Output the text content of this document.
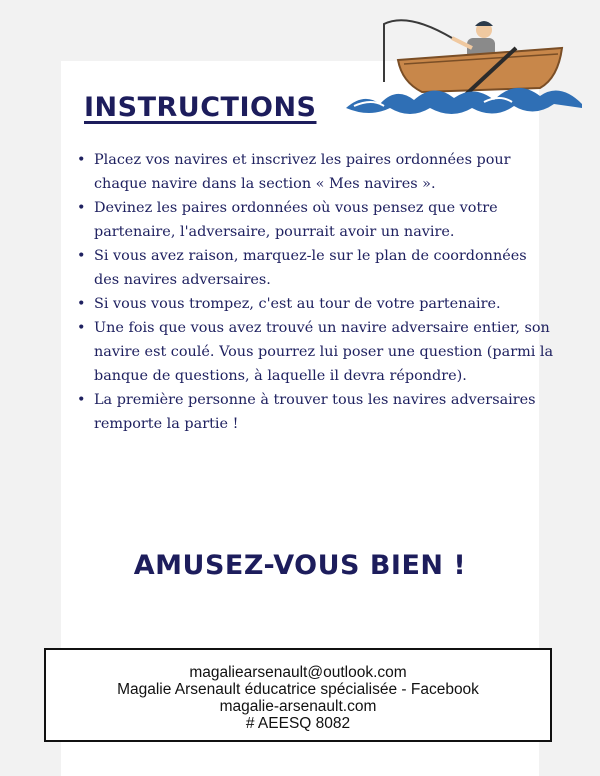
INSTRUCTIONS
• Placez vos navires et inscrivez les paires ordonnées pour chaque navire dans la section « Mes navires ».
• Devinez les paires ordonnées où vous pensez que votre partenaire, l'adversaire, pourrait avoir un navire.
• Si vous avez raison, marquez-le sur le plan de coordonnées des navires adversaires.
• Si vous vous trompez, c'est au tour de votre partenaire.
• Une fois que vous avez trouvé un navire adversaire entier, son navire est coulé. Vous pourrez lui poser une question (parmi la banque de questions, à laquelle il devra répondre).
• La première personne à trouver tous les navires adversaires remporte la partie !
AMUSEZ-VOUS BIEN !
magaliearsenault@outlook.com
Magalie Arsenault éducatrice spécialisée - Facebook
magalie-arsenault.com
# AEESQ 8082
